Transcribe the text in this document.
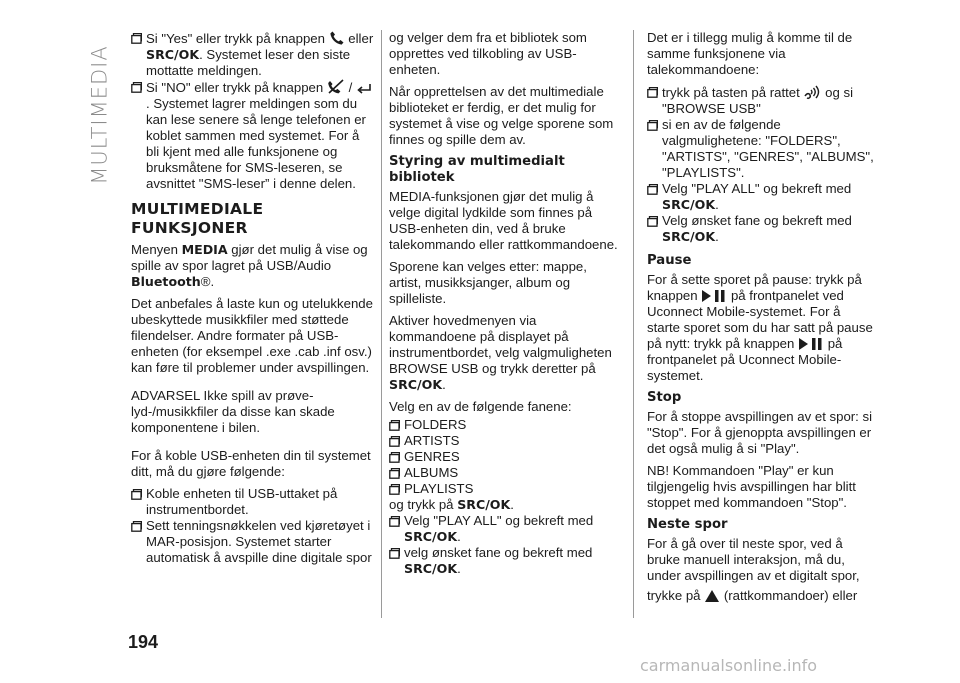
MULTIMEDIA
Si "Yes" eller trykk på knappen eller SRC/OK. Systemet leser den siste mottatte meldingen.
Si "NO" eller trykk på knappen / . Systemet lagrer meldingen som du kan lese senere så lenge telefonen er koblet sammen med systemet. For å bli kjent med alle funksjonene og bruksmåtene for SMS-leseren, se avsnittet "SMS-leser” i denne delen.
MULTIMEDIALE FUNKSJONER

Menyen MEDIA gjør det mulig å vise og spille av spor lagret på USB/Audio Bluetooth®.

Det anbefales å laste kun og utelukkende ubeskyttede musikkfiler med støttede filendelser. Andre formater på USB-enheten (for eksempel .exe .cab .inf osv.) kan føre til problemer under avspillingen.

ADVARSEL Ikke spill av prøve-lyd-/musikkfiler da disse kan skade komponentene i bilen.

For å koble USB-enheten din til systemet ditt, må du gjøre følgende:

Koble enheten til USB-uttaket på instrumentbordet.
Sett tenningsnøkkelen ved kjøretøyet i MAR-posisjon. Systemet starter automatisk å avspille dine digitale spor

og velger dem fra et bibliotek som opprettes ved tilkobling av USB-enheten.

Når opprettelsen av det multimediale biblioteket er ferdig, er det mulig for systemet å vise og velge sporene som finnes og spille dem av.

Styring av multimedialt bibliotek

MEDIA-funksjonen gjør det mulig å velge digital lydkilde som finnes på USB-enheten din, ved å bruke talekommando eller rattkommandoene.

Sporene kan velges etter: mappe, artist, musikksjanger, album og spilleliste.

Aktiver hovedmenyen via kommandoene på displayet på instrumentbordet, velg valgmuligheten BROWSE USB og trykk deretter på SRC/OK.

Velg en av de følgende fanene:

FOLDERS
ARTISTS
GENRES
ALBUMS
PLAYLISTS
og trykk på SRC/OK.
Velg "PLAY ALL" og bekreft med SRC/OK.
velg ønsket fane og bekreft med SRC/OK.

Det er i tillegg mulig å komme til de samme funksjonene via talekommandoene:

trykk på tasten på rattet og si "BROWSE USB"
si en av de følgende valgmulighetene: "FOLDERS", "ARTISTS", "GENRES", "ALBUMS", "PLAYLISTS".
Velg "PLAY ALL" og bekreft med SRC/OK.
Velg ønsket fane og bekreft med SRC/OK.
Pause

For å sette sporet på pause: trykk på knappen	på frontpanelet ved Uconnect Mobile-systemet. For å starte sporet som du har satt på pause på nytt: trykk på knappen	på frontpanelet på Uconnect Mobile-systemet.

Stop

For å stoppe avspillingen av et spor: si "Stop". For å gjenoppta avspillingen er det også mulig å si "Play".

NB! Kommandoen "Play" er kun tilgjengelig hvis avspillingen har blitt stoppet med kommandoen "Stop".

Neste spor

For å gå over til neste spor, ved å bruke manuell interaksjon, må du, under avspillingen av et digitalt spor,

trykke på (rattkommandoer) eller

194
carmanualsonline.info
